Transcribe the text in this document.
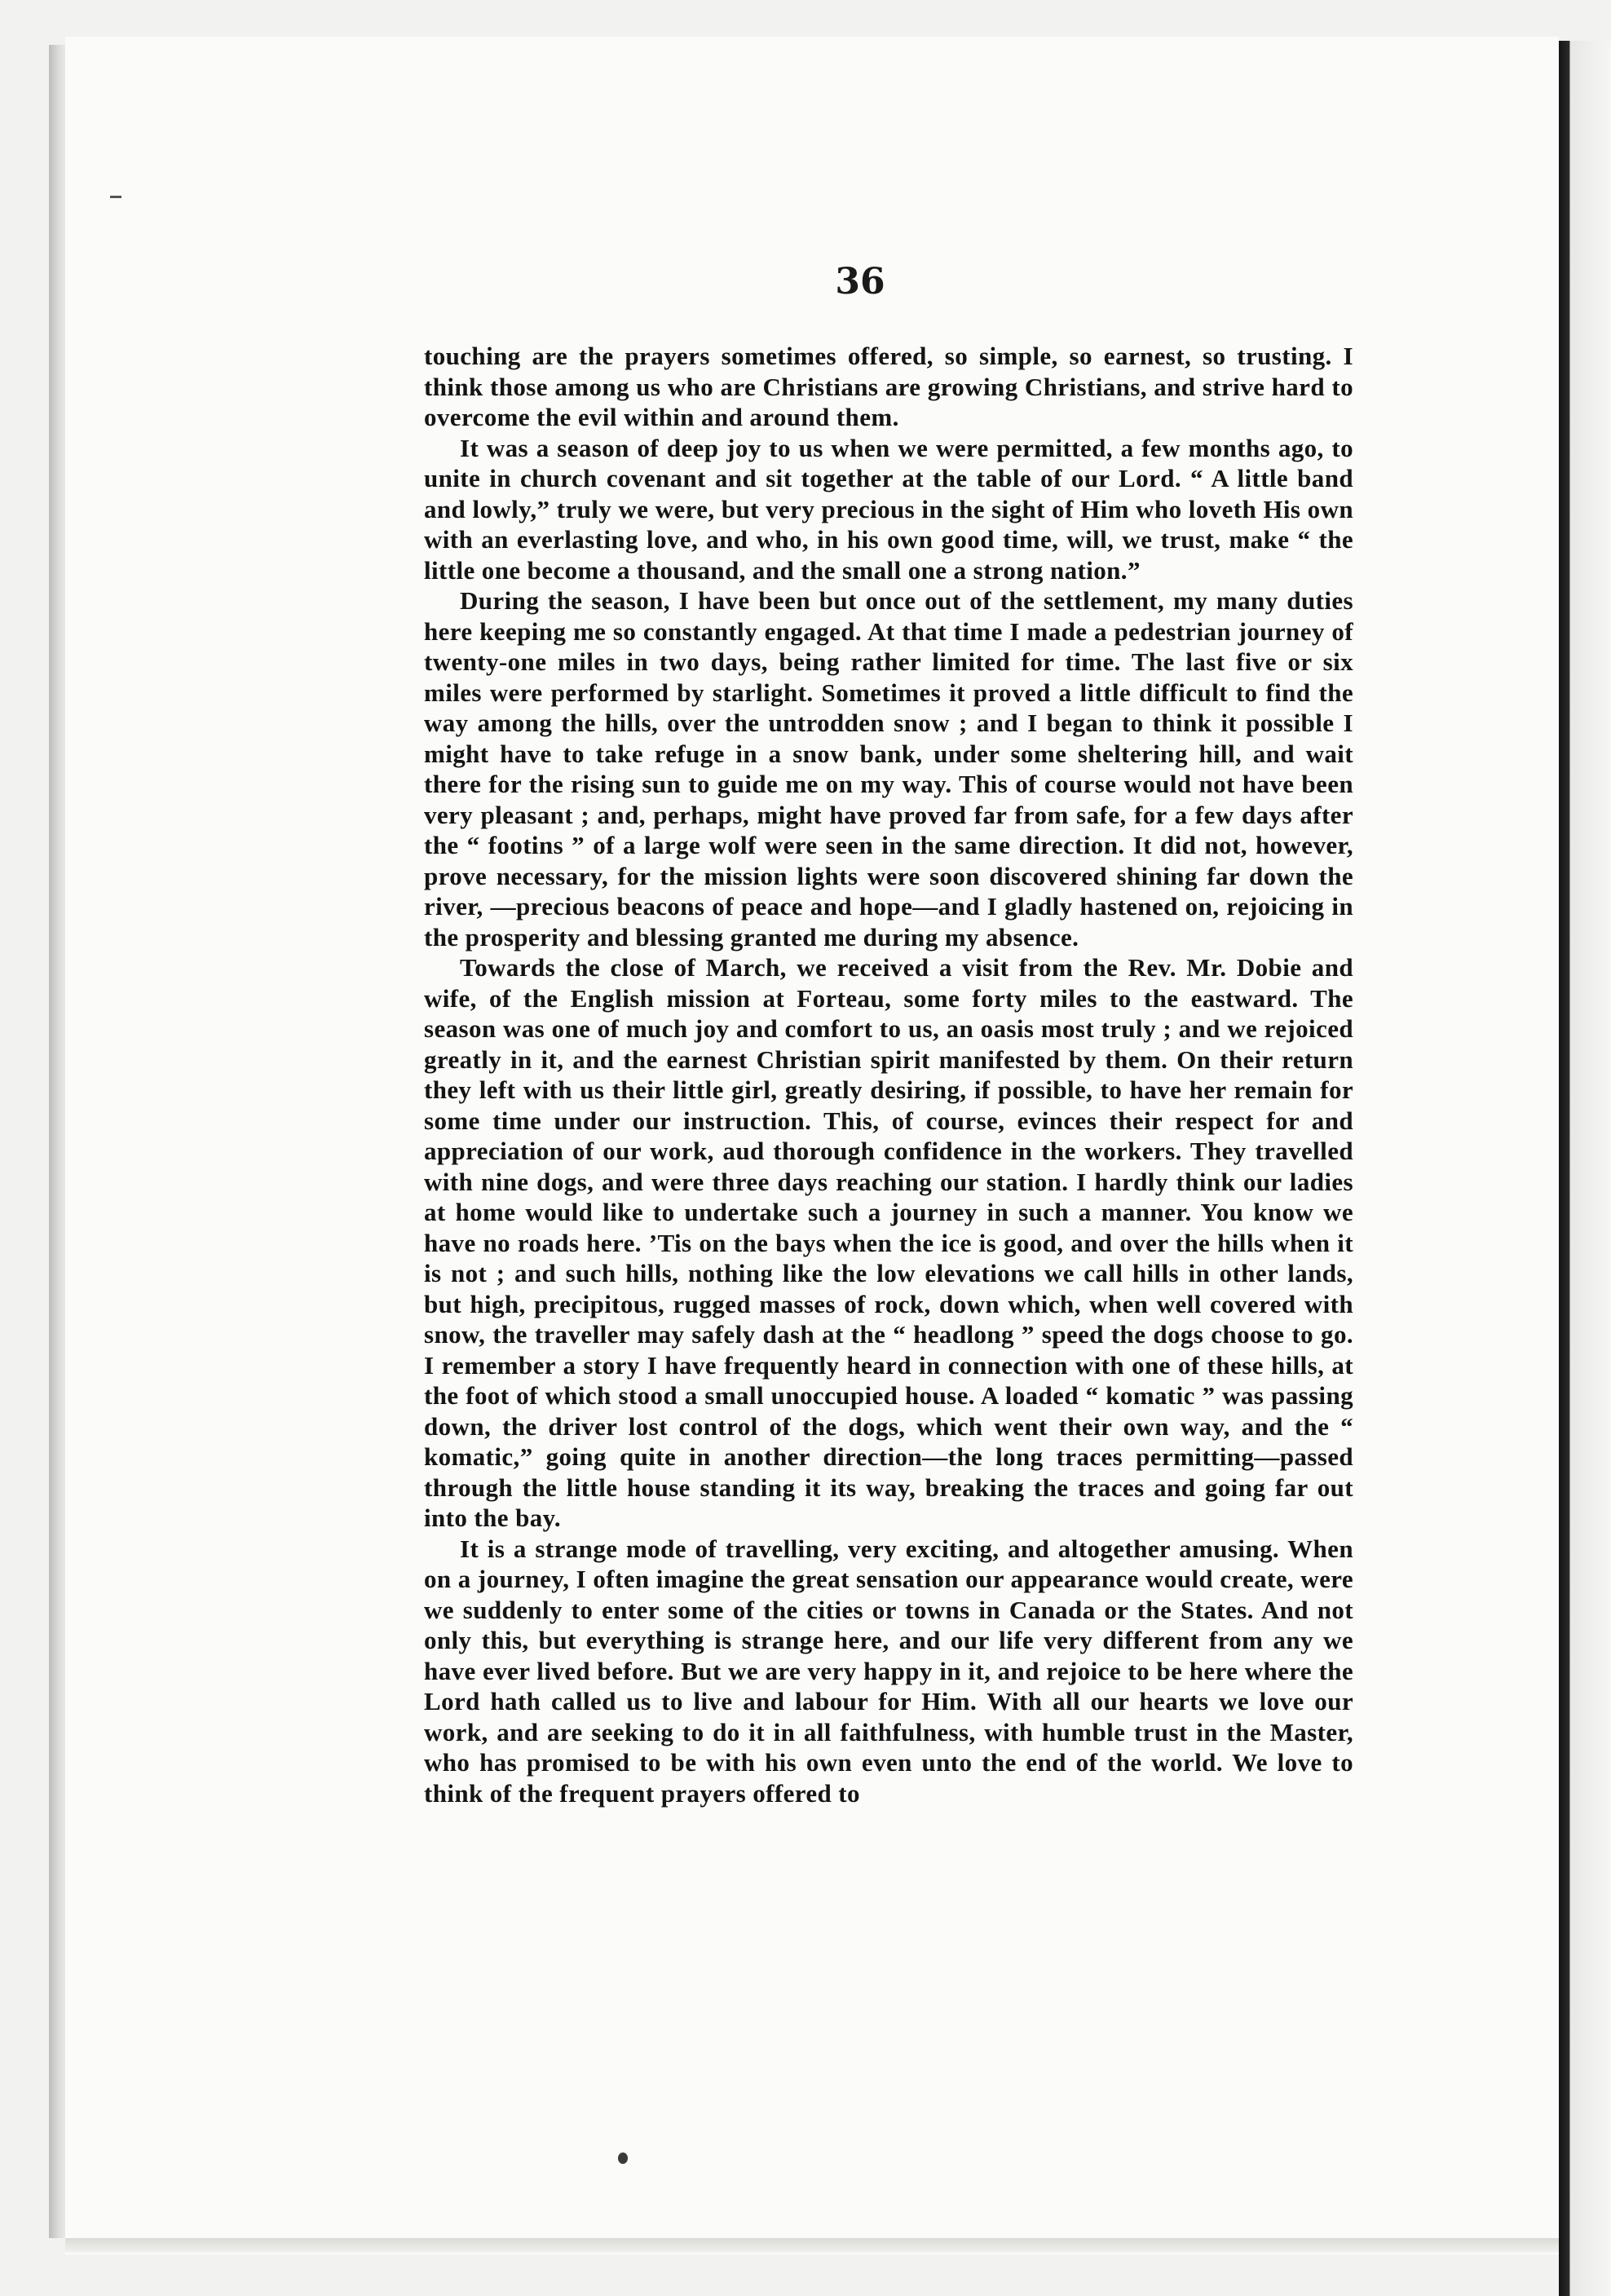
36

touching are the prayers sometimes offered, so simple, so earnest, so trusting. I think those among us who are Christians are growing Christians, and strive hard to overcome the evil within and around them.

It was a season of deep joy to us when we were permitted, a few months ago, to unite in church covenant and sit together at the table of our Lord. “ A little band and lowly,” truly we were, but very precious in the sight of Him who loveth His own with an everlasting love, and who, in his own good time, will, we trust, make “ the little one become a thousand, and the small one a strong nation.”

During the season, I have been but once out of the settlement, my many duties here keeping me so constantly engaged. At that time I made a pedestrian journey of twenty-one miles in two days, being rather limited for time. The last five or six miles were performed by starlight. Sometimes it proved a little difficult to find the way among the hills, over the untrodden snow ; and I began to think it possible I might have to take refuge in a snow bank, under some sheltering hill, and wait there for the rising sun to guide me on my way. This of course would not have been very pleasant ; and, perhaps, might have proved far from safe, for a few days after the “ footins ” of a large wolf were seen in the same direction. It did not, however, prove necessary, for the mission lights were soon discovered shining far down the river, —precious beacons of peace and hope—and I gladly hastened on, rejoicing in the prosperity and blessing granted me during my absence.

Towards the close of March, we received a visit from the Rev. Mr. Dobie and wife, of the English mission at Forteau, some forty miles to the eastward. The season was one of much joy and comfort to us, an oasis most truly ; and we rejoiced greatly in it, and the earnest Christian spirit manifested by them. On their return they left with us their little girl, greatly desiring, if possible, to have her remain for some time under our instruction. This, of course, evinces their respect for and appreciation of our work, aud thorough confidence in the workers. They travelled with nine dogs, and were three days reaching our station. I hardly think our ladies at home would like to undertake such a journey in such a manner. You know we have no roads here. ’Tis on the bays when the ice is good, and over the hills when it is not ; and such hills, nothing like the low elevations we call hills in other lands, but high, precipitous, rugged masses of rock, down which, when well covered with snow, the traveller may safely dash at the “ headlong ” speed the dogs choose to go. I remember a story I have frequently heard in connection with one of these hills, at the foot of which stood a small unoccupied house. A loaded “ komatic ” was passing down, the driver lost control of the dogs, which went their own way, and the “ komatic,” going quite in another direction—the long traces permitting—passed through the little house standing it its way, breaking the traces and going far out into the bay.

It is a strange mode of travelling, very exciting, and altogether amusing. When on a journey, I often imagine the great sensation our appearance would create, were we suddenly to enter some of the cities or towns in Canada or the States. And not only this, but everything is strange here, and our life very different from any we have ever lived before. But we are very happy in it, and rejoice to be here where the Lord hath called us to live and labour for Him. With all our hearts we love our work, and are seeking to do it in all faithfulness, with humble trust in the Master, who has promised to be with his own even unto the end of the world. We love to think of the frequent prayers offered to
